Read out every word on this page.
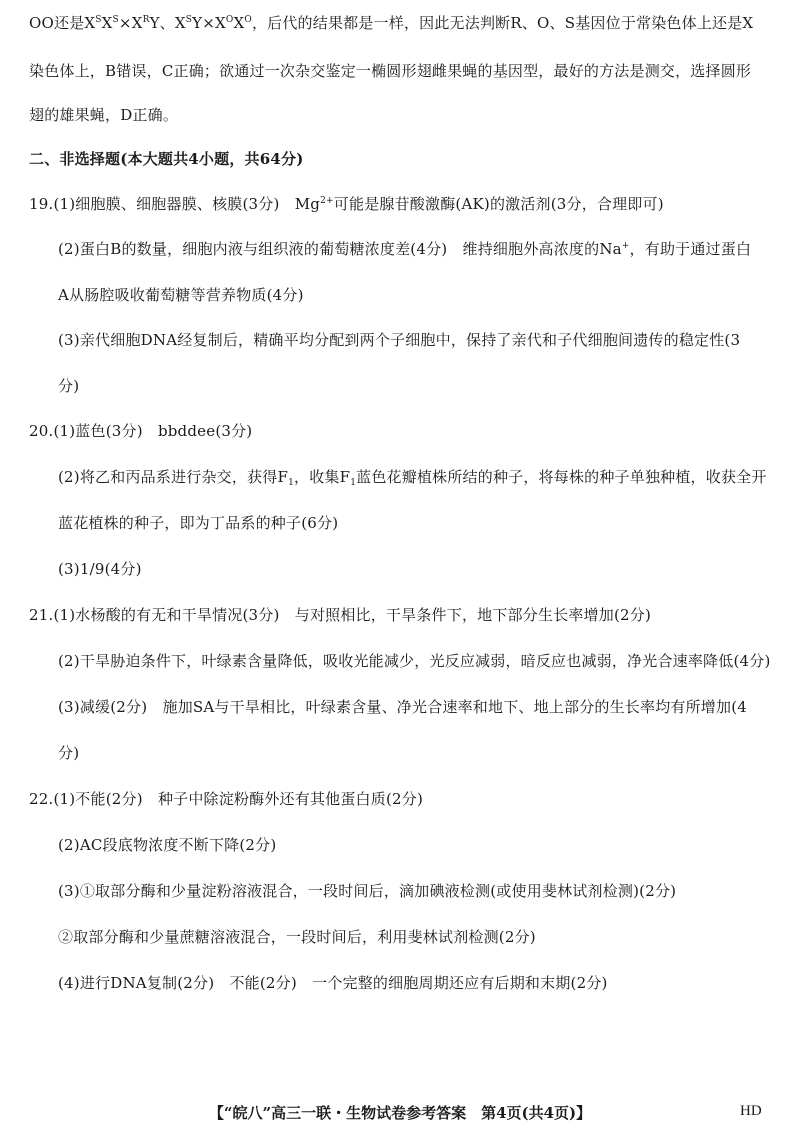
OO还是$X^SX^S\times X^RY$、$X^SY\times X^OX^O$，后代的结果都是一样，因此无法判断R、O、S基因位于常染色体上还是X
染色体上，B错误，C正确；欲通过一次杂交鉴定一椭圆形翅雌果蝇的基因型，最好的方法是测交，选择圆形
翅的雄果蝇，D正确。
二、非选择题(本大题共4小题，共64分)
19.(1)细胞膜、细胞器膜、核膜(3分)　$Mg^{2+}$可能是腺苷酸激酶(AK)的激活剂(3分，合理即可)
(2)蛋白B的数量，细胞内液与组织液的葡萄糖浓度差(4分)　维持细胞外高浓度的Na+，有助于通过蛋白
A从肠腔吸收葡萄糖等营养物质(4分)
(3)亲代细胞DNA经复制后，精确平均分配到两个子细胞中，保持了亲代和子代细胞间遗传的稳定性(3
分)
20.(1)蓝色(3分)　bbddee(3分)
(2)将乙和丙品系进行杂交，获得$F_1$，收集$F_1$蓝色花瓣植株所结的种子，将每株的种子单独种植，收获全开
蓝花植株的种子，即为丁品系的种子(6分)
(3)1/9(4分)
21.(1)水杨酸的有无和干旱情况(3分)　与对照相比，干旱条件下，地下部分生长率增加(2分)
(2)干旱胁迫条件下，叶绿素含量降低，吸收光能减少，光反应减弱，暗反应也减弱，净光合速率降低(4分)
(3)减缓(2分)　施加SA与干旱相比，叶绿素含量、净光合速率和地下、地上部分的生长率均有所增加(4
分)
22.(1)不能(2分)　种子中除淀粉酶外还有其他蛋白质(2分)
(2)AC段底物浓度不断下降(2分)
(3)①取部分酶和少量淀粉溶液混合，一段时间后，滴加碘液检测(或使用斐林试剂检测)(2分)
②取部分酶和少量蔗糖溶液混合，一段时间后，利用斐林试剂检测(2分)
(4)进行DNA复制(2分)　不能(2分)　一个完整的细胞周期还应有后期和末期(2分)
【“皖八”高三一联・生物试卷参考答案　第4页(共4页)】	HD
